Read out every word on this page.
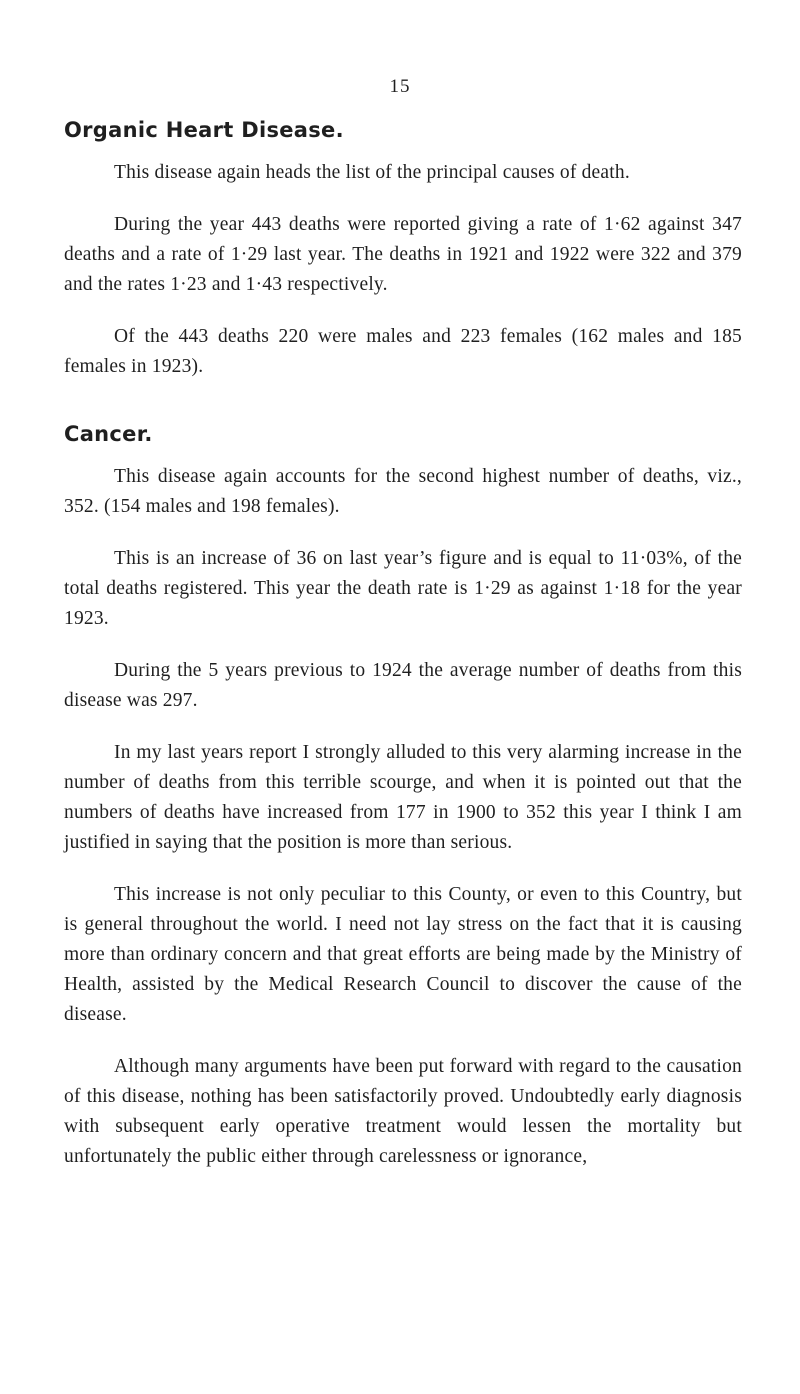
15
Organic Heart Disease.

This disease again heads the list of the principal causes of death.

During the year 443 deaths were reported giving a rate of 1·62 against 347 deaths and a rate of 1·29 last year. The deaths in 1921 and 1922 were 322 and 379 and the rates 1·23 and 1·43 respectively.

Of the 443 deaths 220 were males and 223 females (162 males and 185 females in 1923).

Cancer.

This disease again accounts for the second highest number of deaths, viz., 352. (154 males and 198 females).

This is an increase of 36 on last year’s figure and is equal to 11·03%, of the total deaths registered. This year the death rate is 1·29 as against 1·18 for the year 1923.

During the 5 years previous to 1924 the average number of deaths from this disease was 297.

In my last years report I strongly alluded to this very alarming increase in the number of deaths from this terrible scourge, and when it is pointed out that the numbers of deaths have increased from 177 in 1900 to 352 this year I think I am justified in saying that the position is more than serious.

This increase is not only peculiar to this County, or even to this Country, but is general throughout the world. I need not lay stress on the fact that it is causing more than ordinary concern and that great efforts are being made by the Ministry of Health, assisted by the Medical Research Council to discover the cause of the disease.

Although many arguments have been put forward with regard to the causation of this disease, nothing has been satisfactorily proved. Undoubtedly early diagnosis with subsequent early operative treatment would lessen the mortality but unfortunately the public either through carelessness or ignorance,
